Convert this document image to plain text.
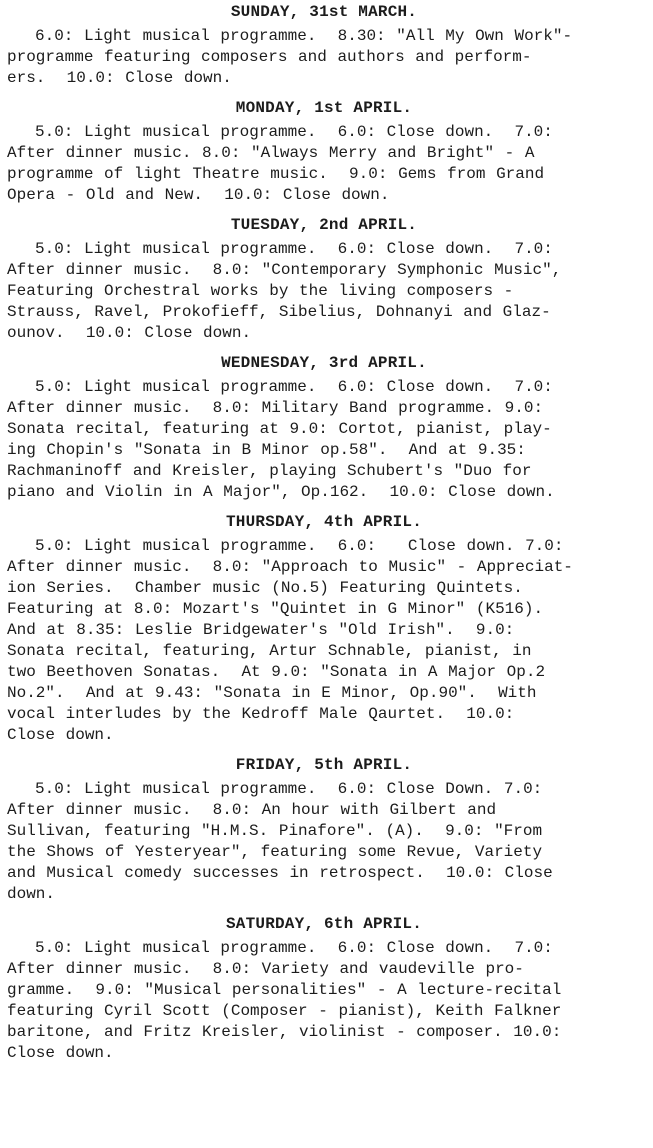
SUNDAY, 31st MARCH.
6.0: Light musical programme.  8.30: "All My Own Work"-
programme featuring composers and authors and perform-
ers.  10.0: Close down.
MONDAY, 1st APRIL.
5.0: Light musical programme.  6.0: Close down.  7.0:
After dinner music. 8.0: "Always Merry and Bright" - A
programme of light Theatre music.  9.0: Gems from Grand
Opera - Old and New.  10.0: Close down.
TUESDAY, 2nd APRIL.
5.0: Light musical programme.  6.0: Close down.  7.0:
After dinner music.  8.0: "Contemporary Symphonic Music",
Featuring Orchestral works by the living composers -
Strauss, Ravel, Prokofieff, Sibelius, Dohnanyi and Glaz-
ounov.  10.0: Close down.
WEDNESDAY, 3rd APRIL.
5.0: Light musical programme.  6.0: Close down.  7.0:
After dinner music.  8.0: Military Band programme. 9.0:
Sonata recital, featuring at 9.0: Cortot, pianist, play-
ing Chopin's "Sonata in B Minor op.58".  And at 9.35:
Rachmaninoff and Kreisler, playing Schubert's "Duo for
piano and Violin in A Major", Op.162.  10.0: Close down.
THURSDAY, 4th APRIL.
5.0: Light musical programme.  6.0:   Close down. 7.0:
After dinner music.  8.0: "Approach to Music" - Appreciat-
ion Series.  Chamber music (No.5) Featuring Quintets.
Featuring at 8.0: Mozart's "Quintet in G Minor" (K516).
And at 8.35: Leslie Bridgewater's "Old Irish".  9.0:
Sonata recital, featuring, Artur Schnable, pianist, in
two Beethoven Sonatas.  At 9.0: "Sonata in A Major Op.2
No.2".  And at 9.43: "Sonata in E Minor, Op.90".  With
vocal interludes by the Kedroff Male Qaurtet.  10.0:
Close down.
FRIDAY, 5th APRIL.
5.0: Light musical programme.  6.0: Close Down. 7.0:
After dinner music.  8.0: An hour with Gilbert and
Sullivan, featuring "H.M.S. Pinafore". (A).  9.0: "From
the Shows of Yesteryear", featuring some Revue, Variety
and Musical comedy successes in retrospect.  10.0: Close
down.
SATURDAY, 6th APRIL.
5.0: Light musical programme.  6.0: Close down.  7.0:
After dinner music.  8.0: Variety and vaudeville pro-
gramme.  9.0: "Musical personalities" - A lecture-recital
featuring Cyril Scott (Composer - pianist), Keith Falkner
baritone, and Fritz Kreisler, violinist - composer. 10.0:
Close down.
